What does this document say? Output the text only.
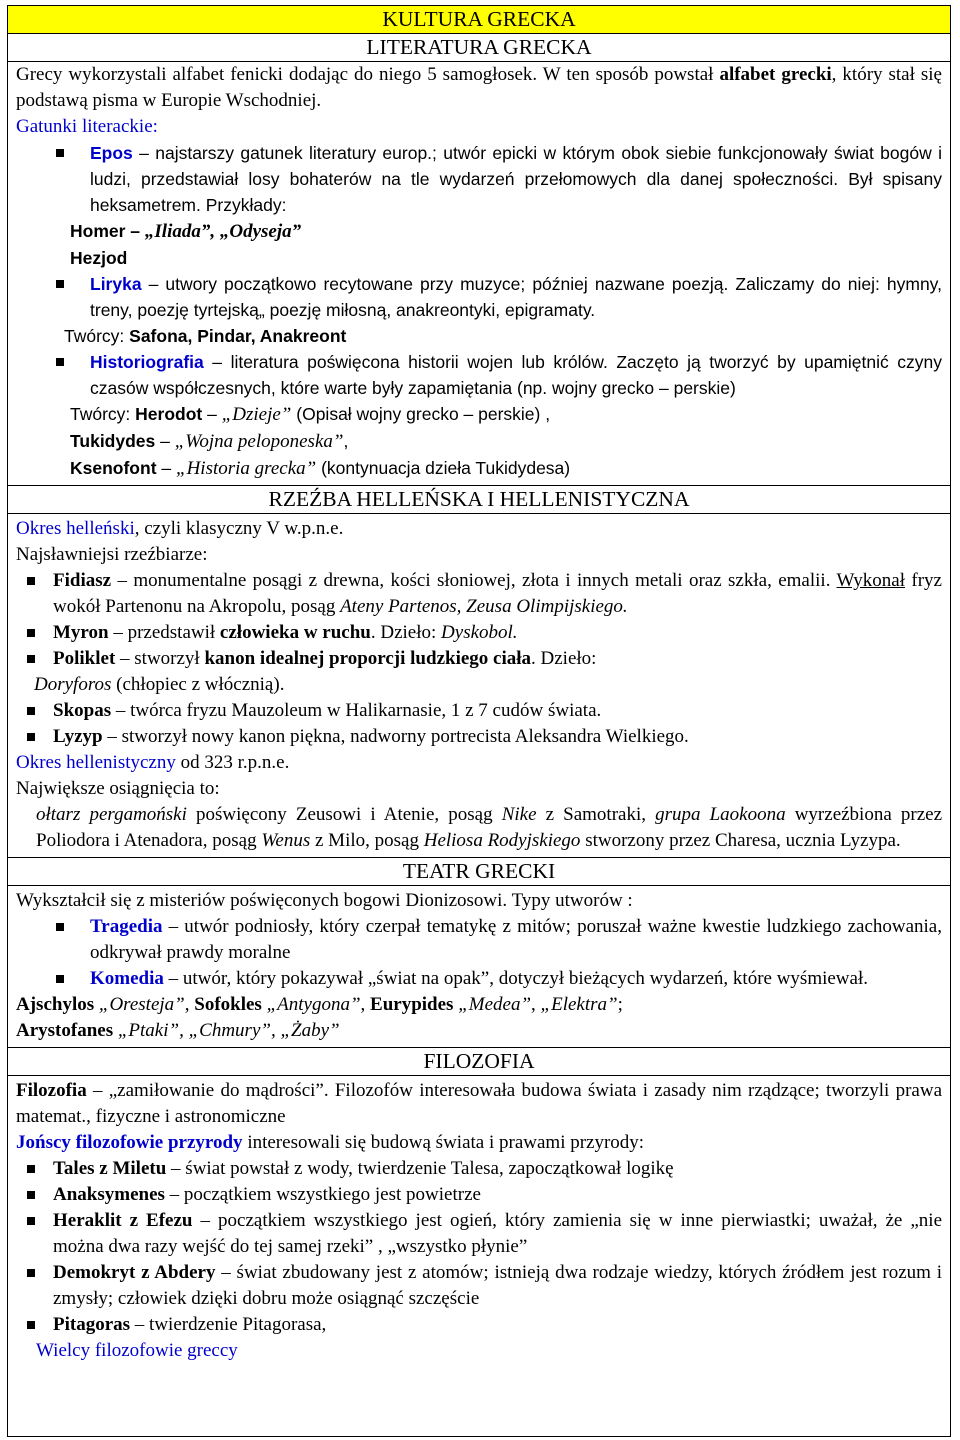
KULTURA GRECKA
LITERATURA GRECKA

Grecy wykorzystali alfabet fenicki dodając do niego 5 samogłosek. W ten sposób powstał alfabet grecki, który stał się podstawą pisma w Europie Wschodniej.

Gatunki literackie:

Epos – najstarszy gatunek literatury europ.; utwór epicki w którym obok siebie funkcjonowały świat bogów i ludzi, przedstawiał losy bohaterów na tle wydarzeń przełomowych dla danej społeczności. Był spisany heksametrem. Przykłady:

Homer – „Iliada”, „Odyseja”

Hezjod

Liryka – utwory początkowo recytowane przy muzyce; później nazwane poezją. Zaliczamy do niej: hymny, treny, poezję tyrtejską„ poezję miłosną, anakreontyki, epigramaty.

Twórcy: Safona, Pindar, Anakreont

Historiografia – literatura poświęcona historii wojen lub królów. Zaczęto ją tworzyć by upamiętnić czyny czasów współczesnych, które warte były zapamiętania (np. wojny grecko – perskie)

Twórcy: Herodot – „Dzieje” (Opisał wojny grecko – perskie) ,

Tukidydes – „Wojna peloponeska”,

Ksenofont – „Historia grecka” (kontynuacja dzieła Tukidydesa)

RZEŹBA HELLEŃSKA I HELLENISTYCZNA

Okres helleński, czyli klasyczny V w.p.n.e.

Najsławniejsi rzeźbiarze:

Fidiasz – monumentalne posągi z drewna, kości słoniowej, złota i innych metali oraz szkła, emalii. Wykonał fryz wokół Partenonu na Akropolu, posąg Ateny Partenos, Zeusa Olimpijskiego.
Myron – przedstawił człowieka w ruchu. Dzieło: Dyskobol.
Poliklet – stworzył kanon idealnej proporcji ludzkiego ciała. Dzieło:

Doryforos (chłopiec z włócznią).

Skopas – twórca fryzu Mauzoleum w Halikarnasie, 1 z 7 cudów świata.
Lyzyp – stworzył nowy kanon piękna, nadworny portrecista Aleksandra Wielkiego.

Okres hellenistyczny od 323 r.p.n.e.

Największe osiągnięcia to:

ołtarz pergamoński poświęcony Zeusowi i Atenie, posąg Nike z Samotraki, grupa Laokoona wyrzeźbiona przez Poliodora i Atenadora, posąg Wenus z Milo, posąg Heliosa Rodyjskiego stworzony przez Charesa, ucznia Lyzypa.

TEATR GRECKI

Wykształcił się z misteriów poświęconych bogowi Dionizosowi. Typy utworów :

Tragedia – utwór podniosły, który czerpał tematykę z mitów; poruszał ważne kwestie ludzkiego zachowania, odkrywał prawdy moralne
Komedia – utwór, który pokazywał „świat na opak”, dotyczył bieżących wydarzeń, które wyśmiewał.

Ajschylos „Oresteja”, Sofokles „Antygona”, Eurypides „Medea”, „Elektra”;

Arystofanes „Ptaki”, „Chmury”, „Żaby”

FILOZOFIA

Filozofia – „zamiłowanie do mądrości”. Filozofów interesowała budowa świata i zasady nim rządzące; tworzyli prawa matemat., fizyczne i astronomiczne

Jońscy filozofowie przyrody interesowali się budową świata i prawami przyrody:

Tales z Miletu – świat powstał z wody, twierdzenie Talesa, zapoczątkował logikę
Anaksymenes – początkiem wszystkiego jest powietrze
Heraklit z Efezu – początkiem wszystkiego jest ogień, który zamienia się w inne pierwiastki; uważał, że „nie można dwa razy wejść do tej samej rzeki” , „wszystko płynie”
Demokryt z Abdery – świat zbudowany jest z atomów; istnieją dwa rodzaje wiedzy, których źródłem jest rozum i zmysły; człowiek dzięki dobru może osiągnąć szczęście
Pitagoras – twierdzenie Pitagorasa,

Wielcy filozofowie greccy
